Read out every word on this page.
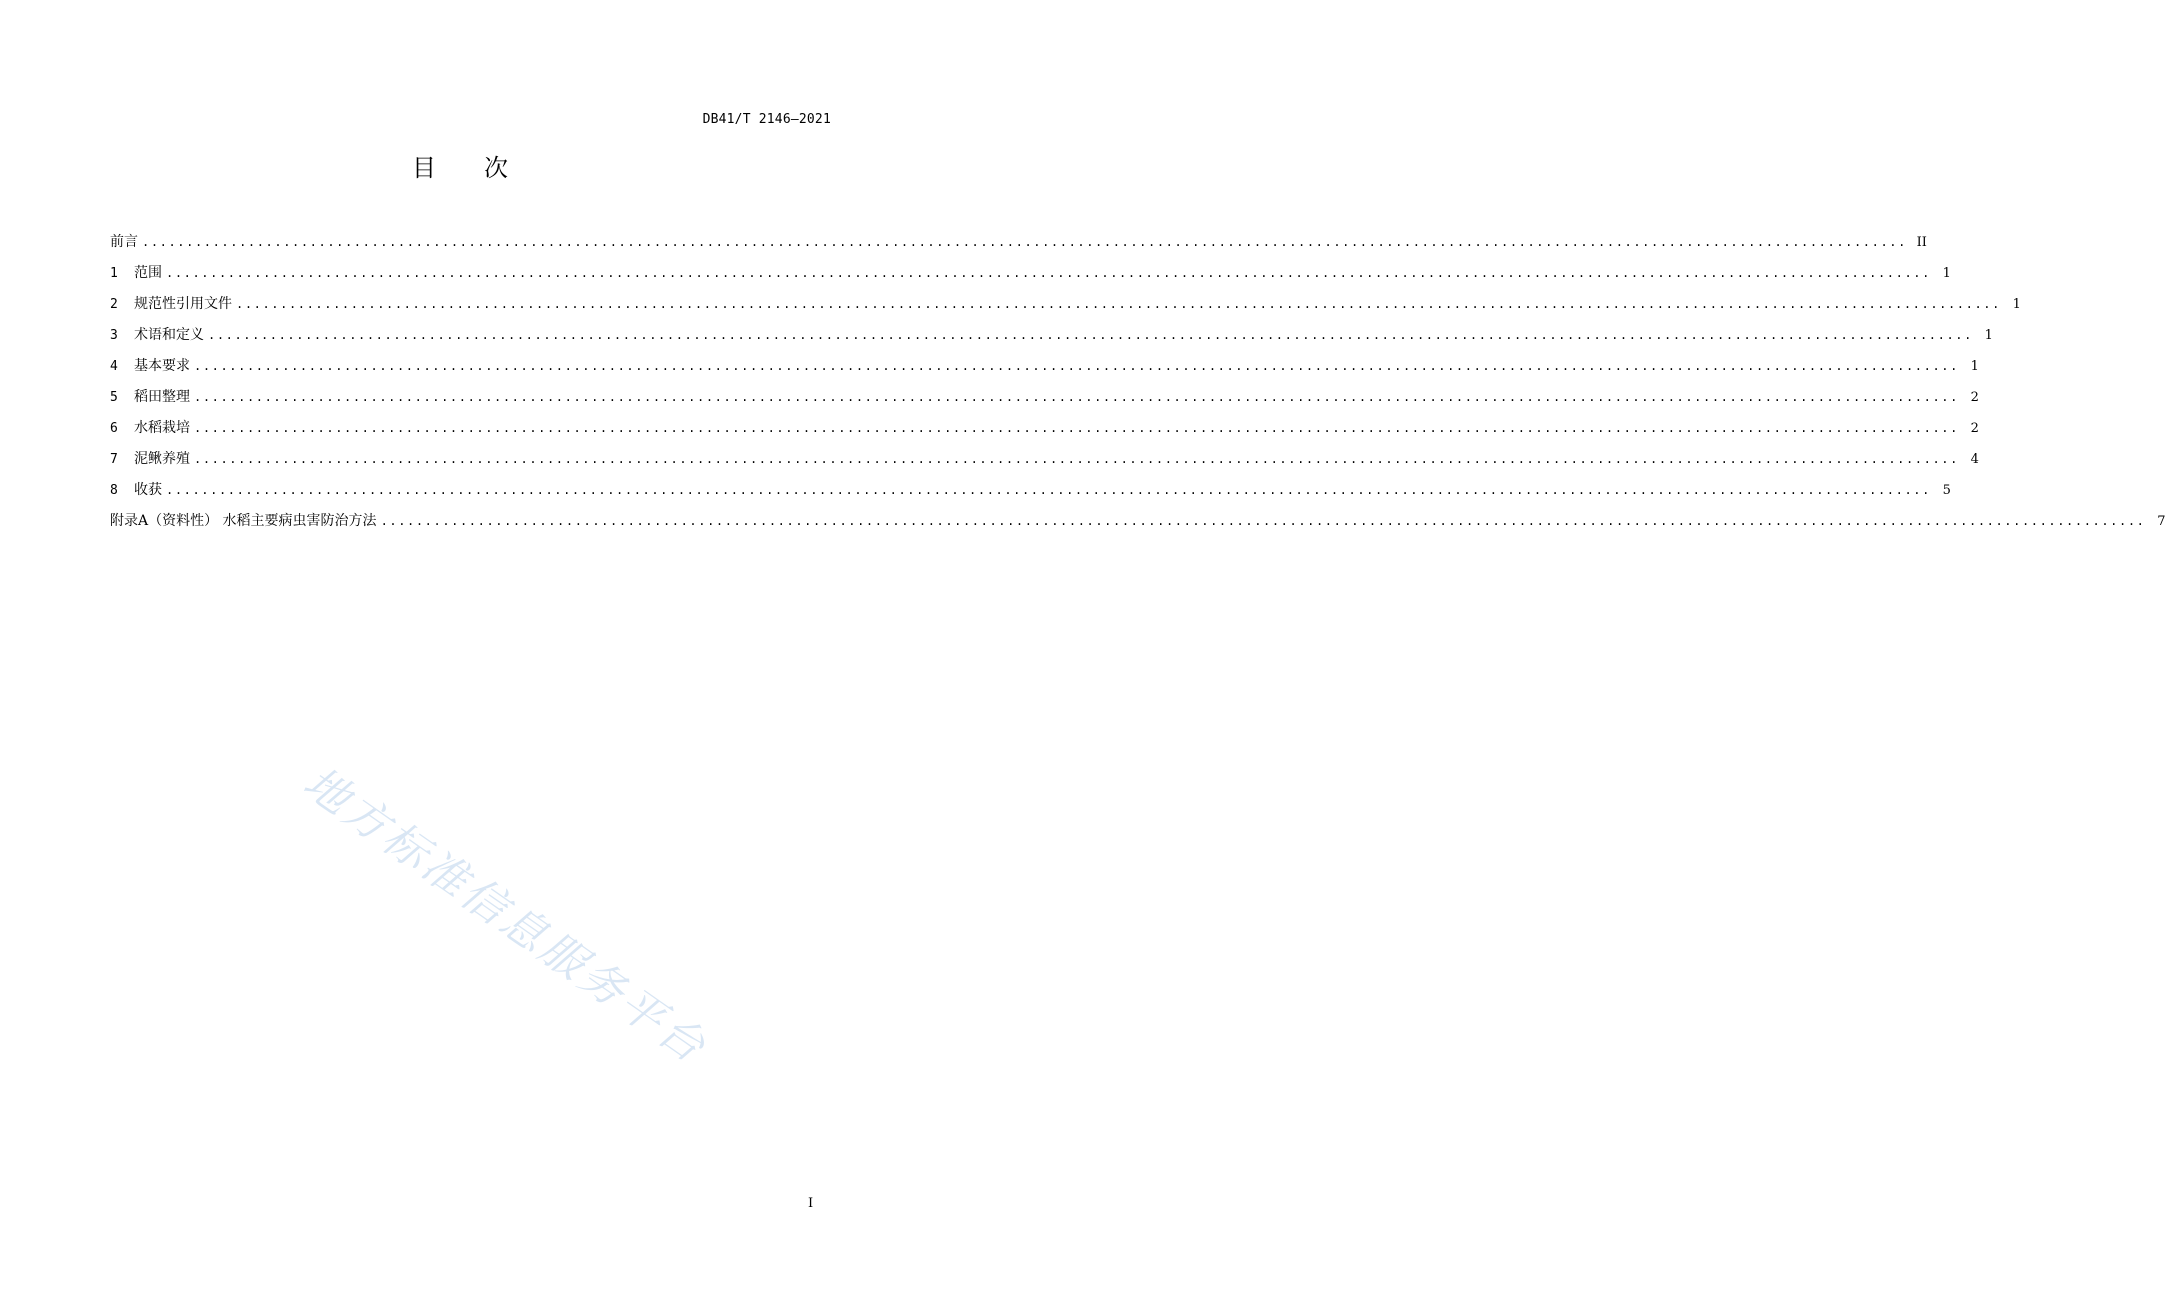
DB41/T 2146—2021
目 次
前言 ........................................................................................................................................................................................................ II
1	范围 ........................................................................................................................................................................................................ 1
2	规范性引用文件 ........................................................................................................................................................................................................ 1
3	术语和定义 ........................................................................................................................................................................................................ 1
4	基本要求 ........................................................................................................................................................................................................ 1
5	稻田整理 ........................................................................................................................................................................................................ 2
6	水稻栽培 ........................................................................................................................................................................................................ 2
7	泥鳅养殖 ........................................................................................................................................................................................................ 4
8	收获 ........................................................................................................................................................................................................ 5
附录A（资料性） 水稻主要病虫害防治方法 ........................................................................................................................................................................................................ 7
地方标准信息服务平台
I
